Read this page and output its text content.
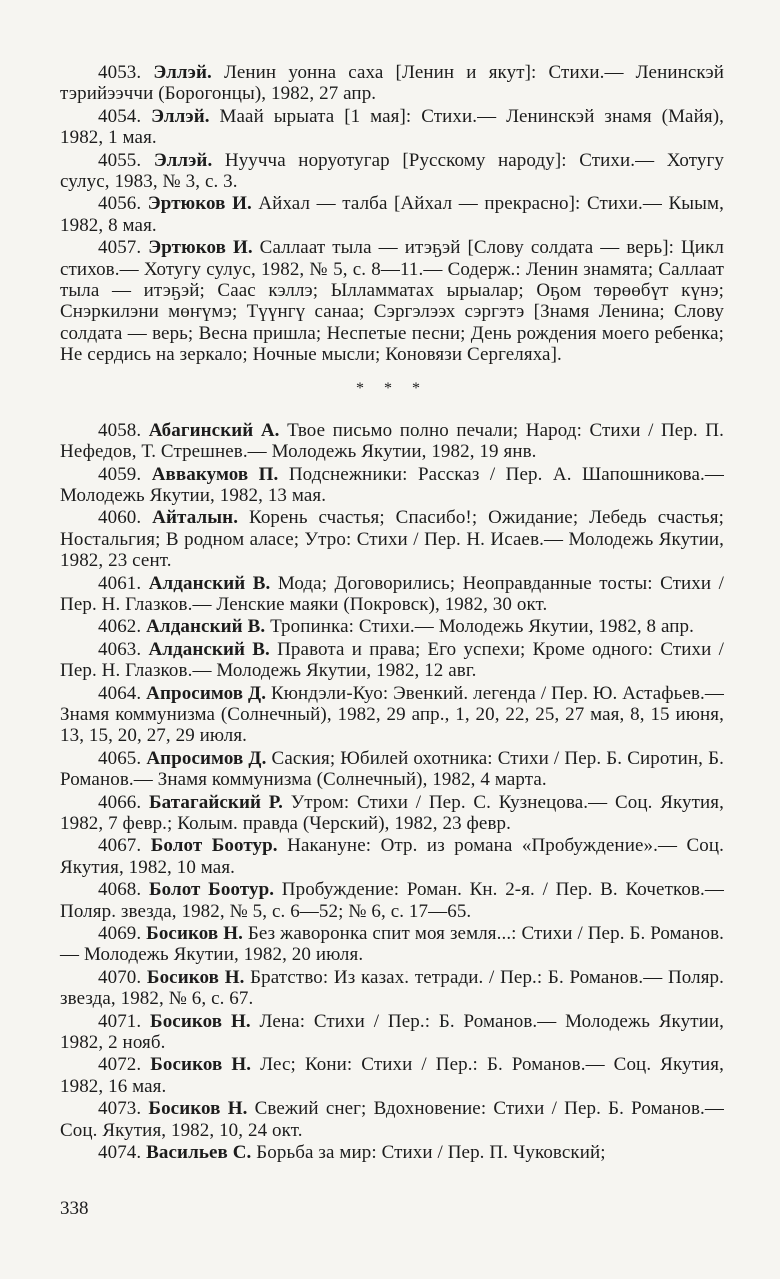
4053. Эллэй. Ленин уонна саха [Ленин и якут]: Стихи.— Ленинскэй тэрийээччи (Борогонцы), 1982, 27 апр.

4054. Эллэй. Маай ырыата [1 мая]: Стихи.— Ленинскэй знамя (Майя), 1982, 1 мая.

4055. Эллэй. Нуучча норуотугар [Русскому народу]: Стихи.— Хотугу сулус, 1983, № 3, с. 3.

4056. Эртюков И. Айхал — талба [Айхал — прекрасно]: Стихи.— Кыым, 1982, 8 мая.

4057. Эртюков И. Саллаат тыла — итэҕэй [Слову солдата — верь]: Цикл стихов.— Хотугу сулус, 1982, № 5, с. 8—11.— Содерж.: Ленин знамята; Саллаат тыла — итэҕэй; Саас кэллэ; Ылламматах ырыалар; Оҕом төрөөбүт күнэ; Снэркилэни мөҥүмэ; Түүнгү санаа; Сэргэлээх сэргэтэ [Знамя Ленина; Слову солдата — верь; Весна пришла; Неспетые песни; День рождения моего ребенка; Не сердись на зеркало; Ночные мысли; Коновязи Сергеляха].

* * *

4058. Абагинский А. Твое письмо полно печали; Народ: Стихи / Пер. П. Нефедов, Т. Стрешнев.— Молодежь Якутии, 1982, 19 янв.

4059. Аввакумов П. Подснежники: Рассказ / Пер. А. Шапошникова.— Молодежь Якутии, 1982, 13 мая.

4060. Айталын. Корень счастья; Спасибо!; Ожидание; Лебедь счастья; Ностальгия; В родном аласе; Утро: Стихи / Пер. Н. Исаев.— Молодежь Якутии, 1982, 23 сент.

4061. Алданский В. Мода; Договорились; Неоправданные тосты: Стихи / Пер. Н. Глазков.— Ленские маяки (Покровск), 1982, 30 окт.

4062. Алданский В. Тропинка: Стихи.— Молодежь Якутии, 1982, 8 апр.

4063. Алданский В. Правота и права; Его успехи; Кроме одного: Стихи / Пер. Н. Глазков.— Молодежь Якутии, 1982, 12 авг.

4064. Апросимов Д. Кюндэли-Куо: Эвенкий. легенда / Пер. Ю. Астафьев.— Знамя коммунизма (Солнечный), 1982, 29 апр., 1, 20, 22, 25, 27 мая, 8, 15 июня, 13, 15, 20, 27, 29 июля.

4065. Апросимов Д. Саския; Юбилей охотника: Стихи / Пер. Б. Сиротин, Б. Романов.— Знамя коммунизма (Солнечный), 1982, 4 марта.

4066. Батагайский Р. Утром: Стихи / Пер. С. Кузнецова.— Соц. Якутия, 1982, 7 февр.; Колым. правда (Черский), 1982, 23 февр.

4067. Болот Боотур. Накануне: Отр. из романа «Пробуждение».— Соц. Якутия, 1982, 10 мая.

4068. Болот Боотур. Пробуждение: Роман. Кн. 2-я. / Пер. В. Кочетков.— Поляр. звезда, 1982, № 5, с. 6—52; № 6, с. 17—65.

4069. Босиков Н. Без жаворонка спит моя земля...: Стихи / Пер. Б. Романов.— Молодежь Якутии, 1982, 20 июля.

4070. Босиков Н. Братство: Из казах. тетради. / Пер.: Б. Романов.— Поляр. звезда, 1982, № 6, с. 67.

4071. Босиков Н. Лена: Стихи / Пер.: Б. Романов.— Молодежь Якутии, 1982, 2 нояб.

4072. Босиков Н. Лес; Кони: Стихи / Пер.: Б. Романов.— Соц. Якутия, 1982, 16 мая.

4073. Босиков Н. Свежий снег; Вдохновение: Стихи / Пер. Б. Романов.— Соц. Якутия, 1982, 10, 24 окт.

4074. Васильев С. Борьба за мир: Стихи / Пер. П. Чуковский;

338
